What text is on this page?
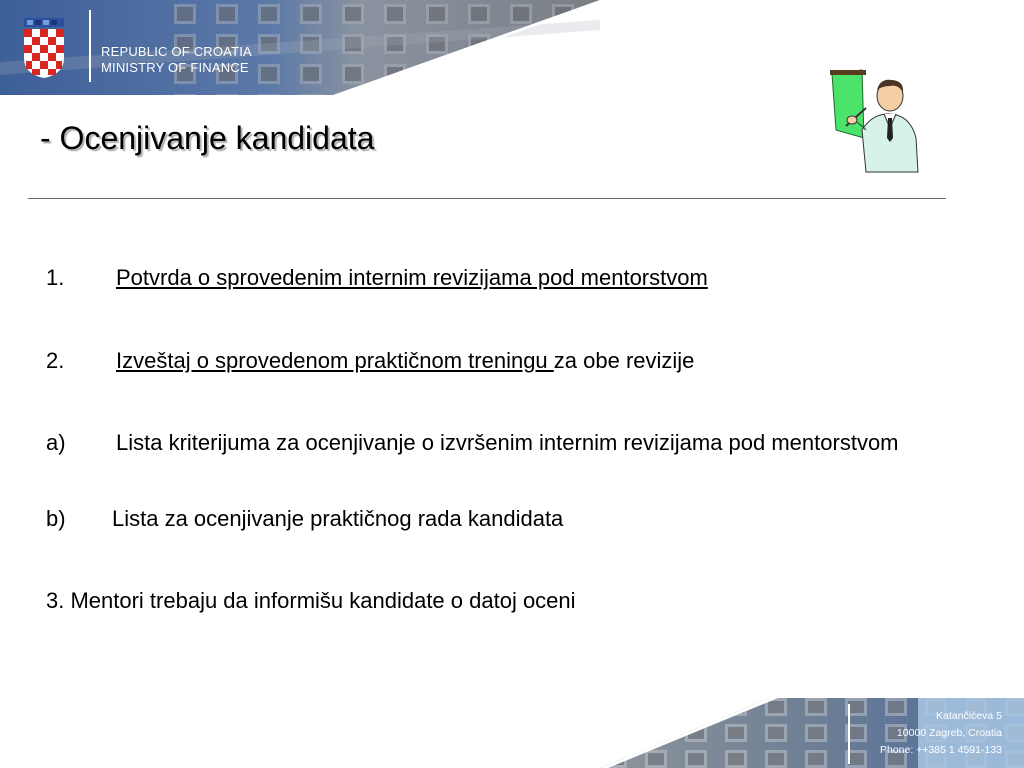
REPUBLIC OF CROATIA
MINISTRY OF FINANCE
- Ocenjivanje kandidata
1. Potvrda o sprovedenim internim revizijama pod mentorstvom
2. Izveštaj o sprovedenom praktičnom treningu za obe revizije
a) Lista kriterijuma za ocenjivanje o izvršenim internim revizijama pod mentorstvom
b) Lista za ocenjivanje praktičnog rada kandidata
3. Mentori trebaju da informišu kandidate o datoj oceni
Katančićeva 5
10000 Zagreb, Croatia
Phone: ++385 1 4591-133
